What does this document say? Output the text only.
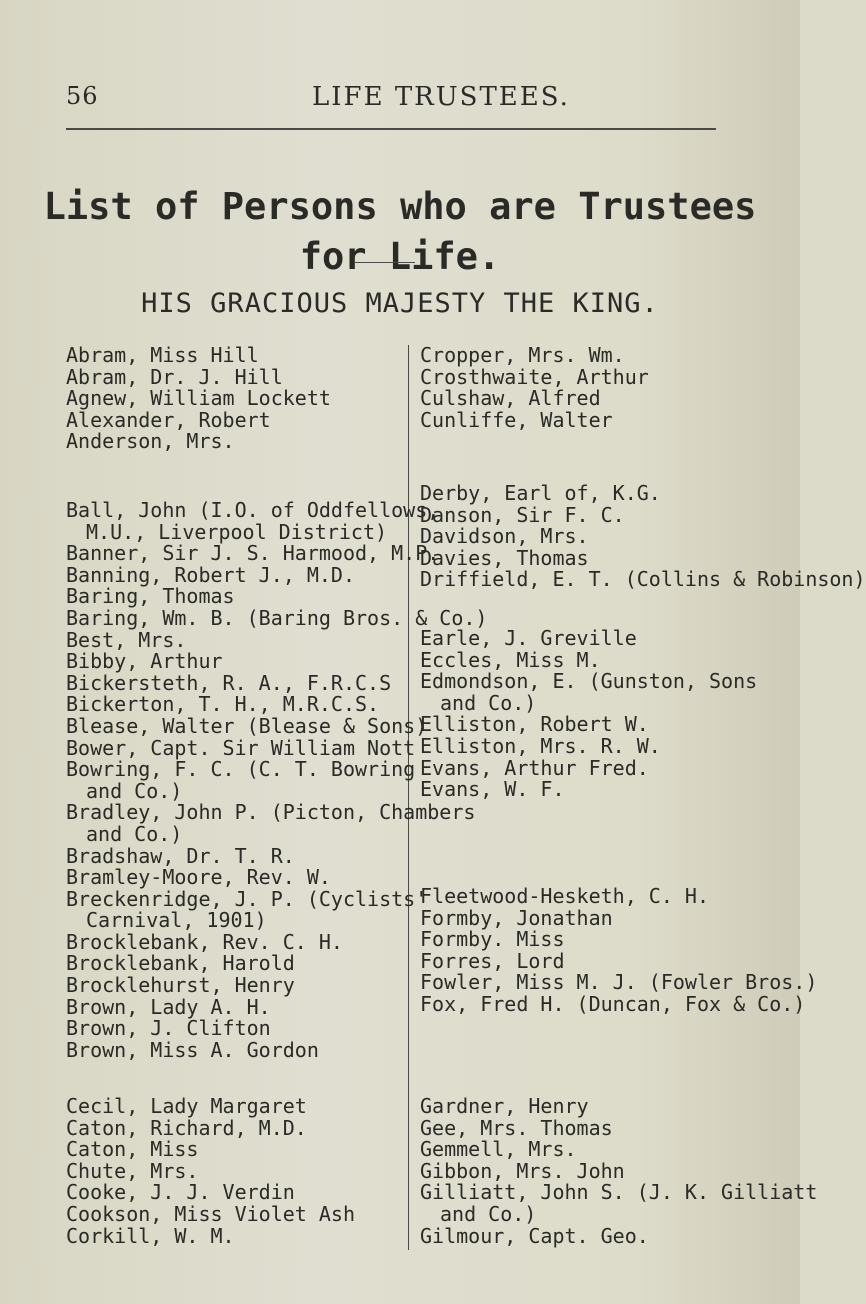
56	LIFE TRUSTEES.
List of Persons who are Trustees
for Life.
HIS GRACIOUS MAJESTY THE KING.
Abram, Miss Hill
Abram, Dr. J. Hill
Agnew, William Lockett
Alexander, Robert
Anderson, Mrs.
Ball, John (I.O. of Oddfellows,
M.U., Liverpool District)
Banner, Sir J. S. Harmood, M.P.
Banning, Robert J., M.D.
Baring, Thomas
Baring, Wm. B. (Baring Bros. & Co.)
Best, Mrs.
Bibby, Arthur
Bickersteth, R. A., F.R.C.S
Bickerton, T. H., M.R.C.S.
Blease, Walter (Blease & Sons)
Bower, Capt. Sir William Nott
Bowring, F. C. (C. T. Bowring
and Co.)
Bradley, John P. (Picton, Chambers
and Co.)
Bradshaw, Dr. T. R.
Bramley-Moore, Rev. W.
Breckenridge, J. P. (Cyclists'
Carnival, 1901)
Brocklebank, Rev. C. H.
Brocklebank, Harold
Brocklehurst, Henry
Brown, Lady A. H.
Brown, J. Clifton
Brown, Miss A. Gordon
Cecil, Lady Margaret
Caton, Richard, M.D.
Caton, Miss
Chute, Mrs.
Cooke, J. J. Verdin
Cookson, Miss Violet Ash
Corkill, W. M.
Cropper, Mrs. Wm.
Crosthwaite, Arthur
Culshaw, Alfred
Cunliffe, Walter
Derby, Earl of, K.G.
Danson, Sir F. C.
Davidson, Mrs.
Davies, Thomas
Driffield, E. T. (Collins & Robinson)
Earle, J. Greville
Eccles, Miss M.
Edmondson, E. (Gunston, Sons
and Co.)
Elliston, Robert W.
Elliston, Mrs. R. W.
Evans, Arthur Fred.
Evans, W. F.
Fleetwood-Hesketh, C. H.
Formby, Jonathan
Formby. Miss
Forres, Lord
Fowler, Miss M. J. (Fowler Bros.)
Fox, Fred H. (Duncan, Fox & Co.)
Gardner, Henry
Gee, Mrs. Thomas
Gemmell, Mrs.
Gibbon, Mrs. John
Gilliatt, John S. (J. K. Gilliatt
and Co.)
Gilmour, Capt. Geo.
